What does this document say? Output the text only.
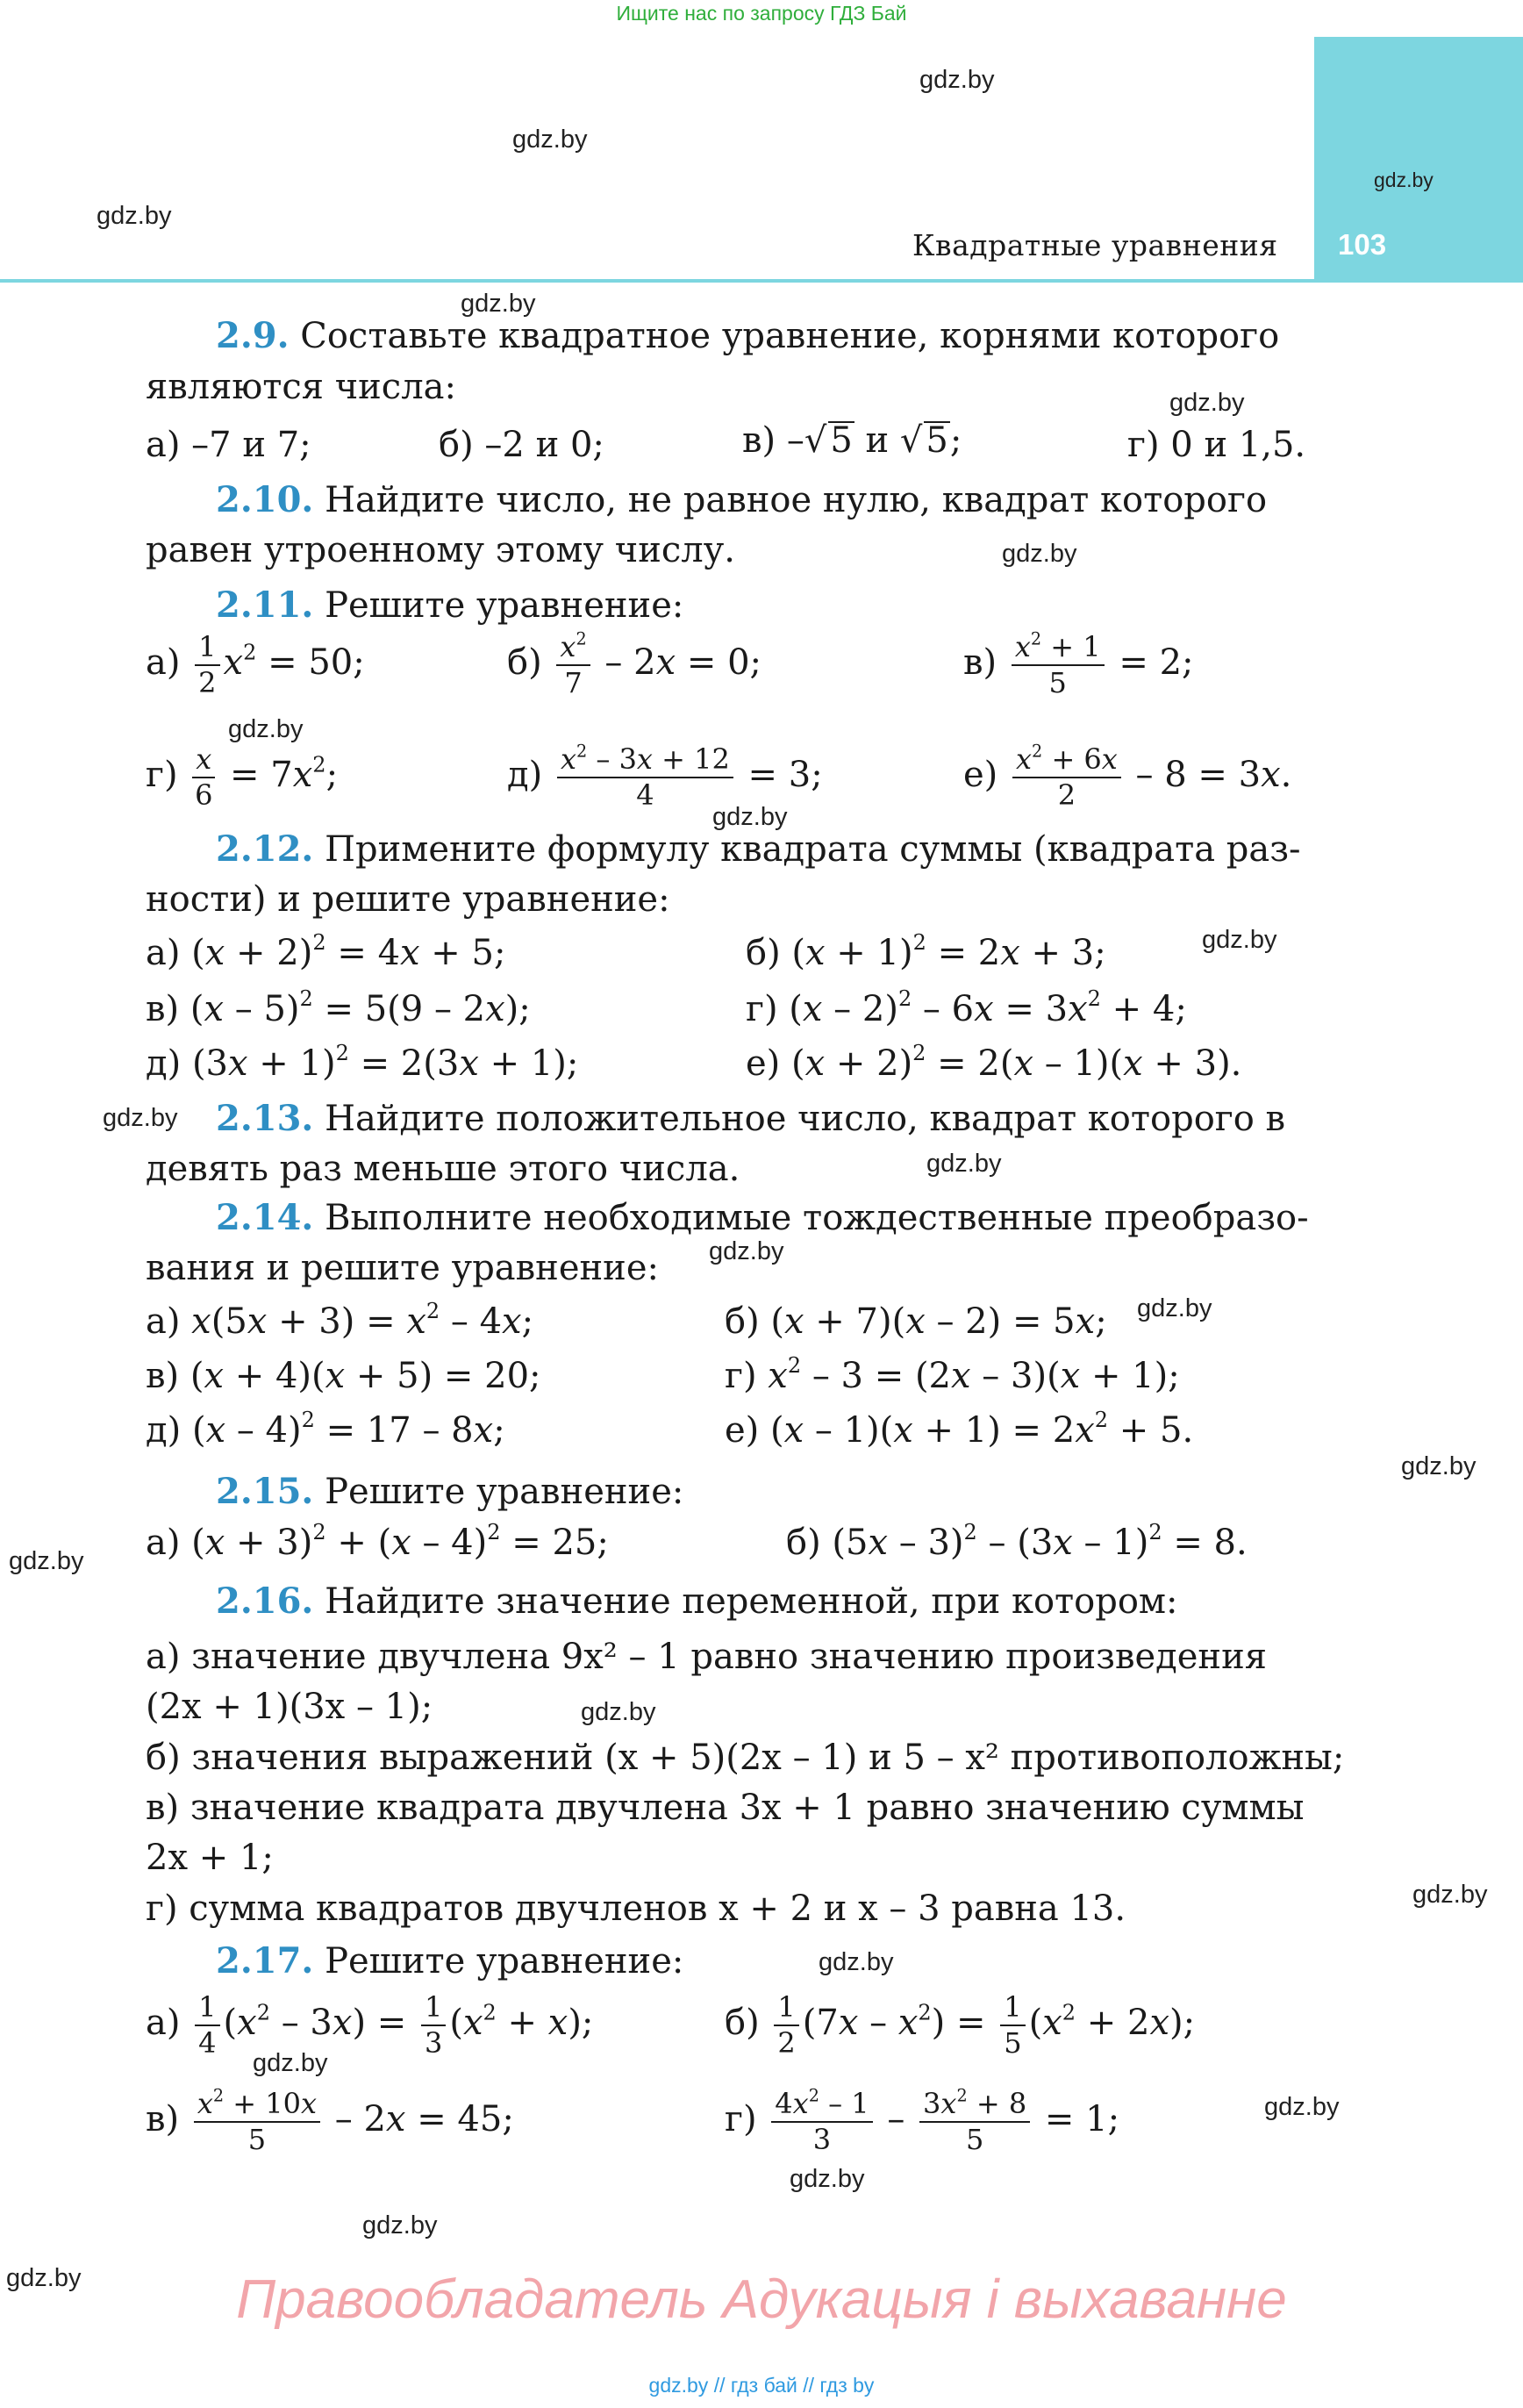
Ищите нас по запросу ГДЗ Бай
103
Квадратные уравнения
gdz.by
gdz.by
gdz.by
gdz.by
gdz.by
gdz.by
gdz.by
gdz.by
gdz.by
gdz.by
gdz.by
gdz.by
gdz.by
gdz.by
gdz.by
gdz.by
gdz.by
gdz.by
gdz.by
gdz.by
gdz.by
gdz.by
gdz.by
gdz.by
2.9. Составьте квадратное уравнение, корнями которого
являются числа:
а) –7 и 7;	б) –2 и 0;	в) –√ 5 и √ 5;	г) 0 и 1,5.
2.10. Найдите число, не равное нулю, квадрат которого
равен утроенному этому числу.
2.11. Решите уравнение:
$а) \frac{1}{2} x^2 = 50$;	$б) \frac{x^2}{7} - 2x = 0$;	$в) \frac{x^2 + 1}{5} = 2$;
$г) \frac{x}{6} = 7x^2$;	$д) \frac{x^2 - 3x + 12}{4} = 3$;	$е) \frac{x^2 + 6x}{2} - 8 = 3x$.
2.12. Примените формулу квадрата суммы (квадрата раз-
ности) и решите уравнение:
а) $(x + 2)^2 = 4x + 5$;	б) $(x + 1)^2 = 2x + 3$;
в) (x – 5)$^2$ = 5(9 – 2x);	г) $(x - 2)^2 - 6x = 3x^2 + 4$;
д) $(3x + 1)^2 = 2(3x + 1)$;	е) $(x + 2)^2 = 2(x - 1)(x + 3)$.
2.13. Найдите положительное число, квадрат которого в
девять раз меньше этого числа.
2.14. Выполните необходимые тождественные преобразо-
вания и решите уравнение:
а) $x(5x + 3) = x^2 - 4x$;	б) (x + 7)(x – 2) = 5x;
в) (x + 4)(x + 5) = 20;	г) $x^2 - 3 = (2x - 3)(x + 1)$;
д) (x – 4)$^2$ = 17 – 8x;	е) $(x - 1)(x + 1) = 2x^2 + 5$.
2.15. Решите уравнение:
а) $(x + 3)^2 + (x - 4)^2 = 25$;	б) (5x – 3)$^2$ – (3x – 1)$^2$ = 8.
2.16. Найдите значение переменной, при котором:
а) значение двучлена 9x² – 1 равно значению произведения
(2x + 1)(3x – 1);
б) значения выражений (x + 5)(2x – 1) и 5 – x² противоположны;
в) значение квадрата двучлена 3x + 1 равно значению суммы
2x + 1;
г) сумма квадратов двучленов x + 2 и x – 3 равна 13.
2.17. Решите уравнение:
$а) \frac{1}{4} (x^2 - 3x) = \frac{1}{3} (x^2 + x)$;	$б) \frac{1}{2} (7x - x^2) = \frac{1}{5} (x^2 + 2x)$;
$в) \frac{x^2 + 10x}{5} - 2x = 45$;	$г) \frac{4x^2 - 1}{3} - \frac{3x^2 + 8}{5} = 1$;
Правообладатель Адукацыя і выхаванне
gdz.by // гдз бай // гдз by
